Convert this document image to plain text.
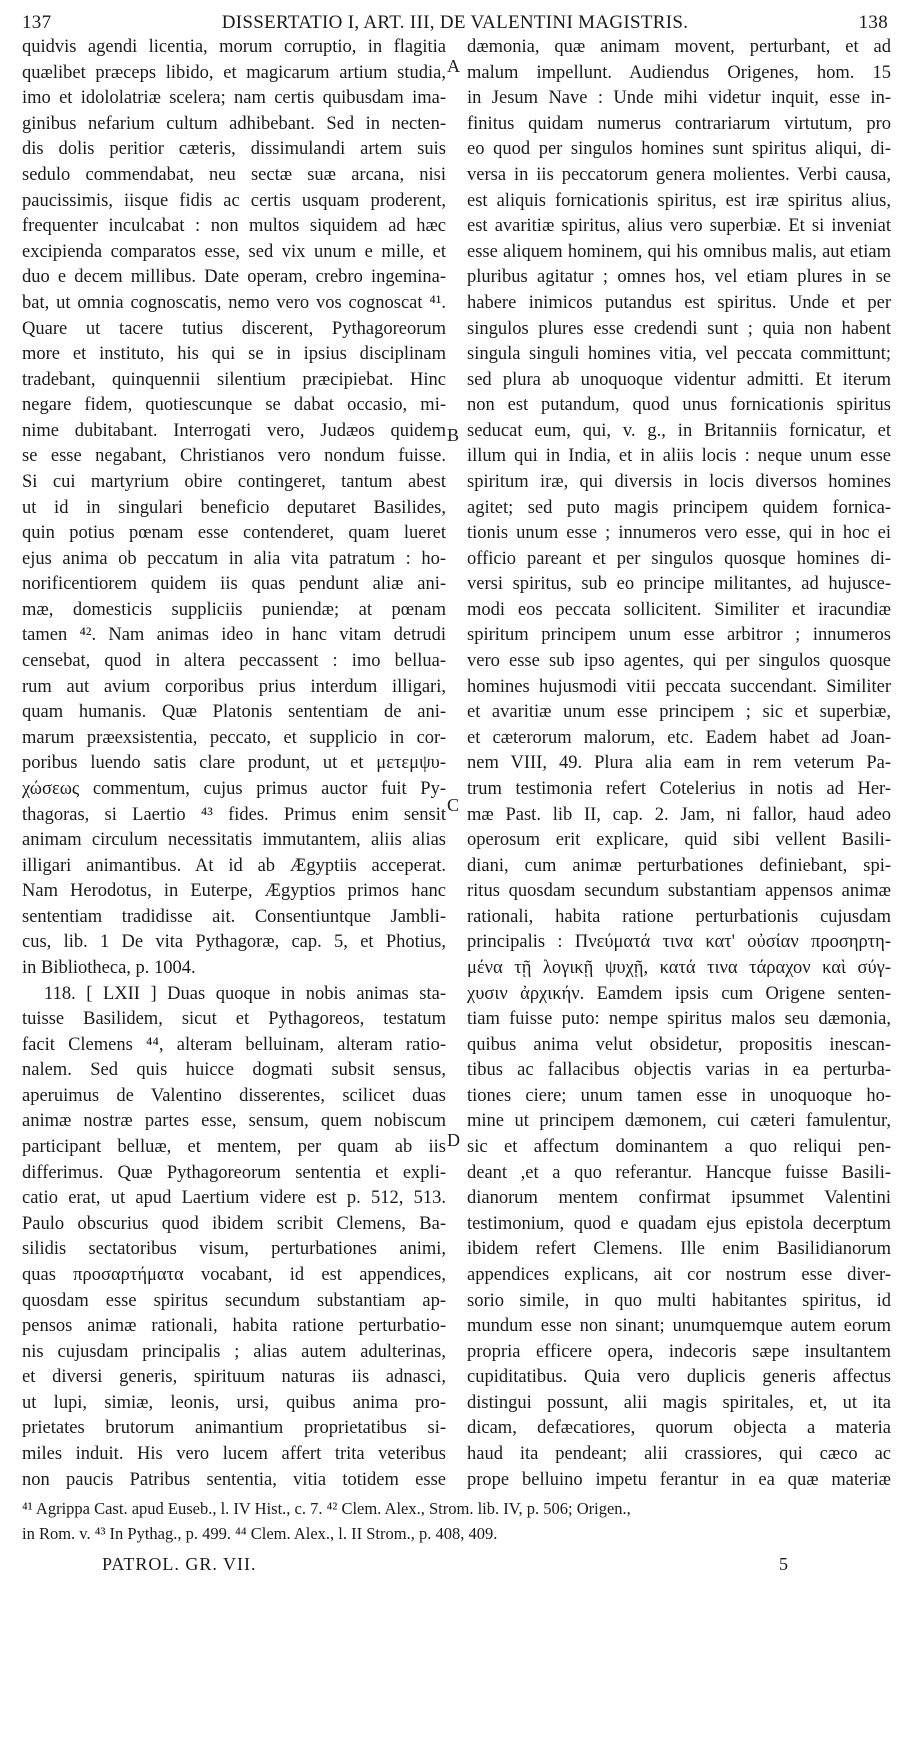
137	DISSERTATIO I, ART. III, DE VALENTINI MAGISTRIS.	138
quidvis agendi licentia, morum corruptio, in flagitia
quælibet præceps libido, et magicarum artium studia,
imo et idololatriæ scelera; nam certis quibusdam ima-
ginibus nefarium cultum adhibebant. Sed in necten-
dis dolis peritior cæteris, dissimulandi artem suis
sedulo commendabat, neu sectæ suæ arcana, nisi
paucissimis, iisque fidis ac certis usquam proderent,
frequenter inculcabat : non multos siquidem ad hæc
excipienda comparatos esse, sed vix unum e mille, et
duo e decem millibus. Date operam, crebro ingemina-
bat, ut omnia cognoscatis, nemo vero vos cognoscat ⁴¹.
Quare ut tacere tutius discerent, Pythagoreorum
more et instituto, his qui se in ipsius disciplinam
tradebant, quinquennii silentium præcipiebat. Hinc
negare fidem, quotiescunque se dabat occasio, mi-
nime dubitabant. Interrogati vero, Judæos quidem
se esse negabant, Christianos vero nondum fuisse.
Si cui martyrium obire contingeret, tantum abest
ut id in singulari beneficio deputaret Basilides,
quin potius pœnam esse contenderet, quam lueret
ejus anima ob peccatum in alia vita patratum : ho-
norificentiorem quidem iis quas pendunt aliæ ani-
mæ, domesticis suppliciis puniendæ; at pœnam
tamen ⁴². Nam animas ideo in hanc vitam detrudi
censebat, quod in altera peccassent : imo bellua-
rum aut avium corporibus prius interdum illigari,
quam humanis. Quæ Platonis sententiam de ani-
marum præexsistentia, peccato, et supplicio in cor-
poribus luendo satis clare produnt, ut et μετεμψυ-
χώσεως commentum, cujus primus auctor fuit Py-
thagoras, si Laertio ⁴³ fides. Primus enim sensit
animam circulum necessitatis immutantem, aliis alias
illigari animantibus. At id ab Ægyptiis acceperat.
Nam Herodotus, in Euterpe, Ægyptios primos hanc
sententiam tradidisse ait. Consentiuntque Jambli-
cus, lib. 1 De vita Pythagoræ, cap. 5, et Photius,
in Bibliotheca, p. 1004.
118. [ LXII ] Duas quoque in nobis animas sta-
tuisse Basilidem, sicut et Pythagoreos, testatum
facit Clemens ⁴⁴, alteram belluinam, alteram ratio-
nalem. Sed quis huicce dogmati subsit sensus,
aperuimus de Valentino disserentes, scilicet duas
animæ nostræ partes esse, sensum, quem nobiscum
participant belluæ, et mentem, per quam ab iis
differimus. Quæ Pythagoreorum sententia et expli-
catio erat, ut apud Laertium videre est p. 512, 513.
Paulo obscurius quod ibidem scribit Clemens, Ba-
silidis sectatoribus visum, perturbationes animi,
quas προσαρτήματα vocabant, id est appendices,
quosdam esse spiritus secundum substantiam ap-
pensos animæ rationali, habita ratione perturbatio-
nis cujusdam principalis ; alias autem adulterinas,
et diversi generis, spirituum naturas iis adnasci,
ut lupi, simiæ, leonis, ursi, quibus anima pro-
prietates brutorum animantium proprietatibus si-
miles induit. His vero lucem affert trita veteribus
non paucis Patribus sententia, vitia totidem esse
dæmonia, quæ animam movent, perturbant, et ad
malum impellunt. Audiendus Origenes, hom. 15
in Jesum Nave : Unde mihi videtur inquit, esse in-
finitus quidam numerus contrariarum virtutum, pro
eo quod per singulos homines sunt spiritus aliqui, di-
versa in iis peccatorum genera molientes. Verbi causa,
est aliquis fornicationis spiritus, est iræ spiritus alius,
est avaritiæ spiritus, alius vero superbiæ. Et si inveniat
esse aliquem hominem, qui his omnibus malis, aut etiam
pluribus agitatur ; omnes hos, vel etiam plures in se
habere inimicos putandus est spiritus. Unde et per
singulos plures esse credendi sunt ; quia non habent
singula singuli homines vitia, vel peccata committunt;
sed plura ab unoquoque videntur admitti. Et iterum
non est putandum, quod unus fornicationis spiritus
seducat eum, qui, v. g., in Britanniis fornicatur, et
illum qui in India, et in aliis locis : neque unum esse
spiritum iræ, qui diversis in locis diversos homines
agitet; sed puto magis principem quidem fornica-
tionis unum esse ; innumeros vero esse, qui in hoc ei
officio pareant et per singulos quosque homines di-
versi spiritus, sub eo principe militantes, ad hujusce-
modi eos peccata sollicitent. Similiter et iracundiæ
spiritum principem unum esse arbitror ; innumeros
vero esse sub ipso agentes, qui per singulos quosque
homines hujusmodi vitii peccata succendant. Similiter
et avaritiæ unum esse principem ; sic et superbiæ,
et cæterorum malorum, etc. Eadem habet ad Joan-
nem VIII, 49. Plura alia eam in rem veterum Pa-
trum testimonia refert Cotelerius in notis ad Her-
mæ Past. lib II, cap. 2. Jam, ni fallor, haud adeo
operosum erit explicare, quid sibi vellent Basili-
diani, cum animæ perturbationes definiebant, spi-
ritus quosdam secundum substantiam appensos animæ
rationali, habita ratione perturbationis cujusdam
principalis : Πνεύματά τινα κατ' οὐσίαν προσηρτη-
μένα τῇ λογικῇ ψυχῇ, κατά τινα τάραχον καὶ σύγ-
χυσιν ἀρχικήν. Eamdem ipsis cum Origene senten-
tiam fuisse puto: nempe spiritus malos seu dæmonia,
quibus anima velut obsidetur, propositis inescan-
tibus ac fallacibus objectis varias in ea perturba-
tiones ciere; unum tamen esse in unoquoque ho-
mine ut principem dæmonem, cui cæteri famulentur,
sic et affectum dominantem a quo reliqui pen-
deant ,et a quo referantur. Hancque fuisse Basili-
dianorum mentem confirmat ipsummet Valentini
testimonium, quod e quadam ejus epistola decerptum
ibidem refert Clemens. Ille enim Basilidianorum
appendices explicans, ait cor nostrum esse diver-
sorio simile, in quo multi habitantes spiritus, id
mundum esse non sinant; unumquemque autem eorum
propria efficere opera, indecoris sæpe insultantem
cupiditatibus. Quia vero duplicis generis affectus
distingui possunt, alii magis spiritales, et, ut ita
dicam, defæcatiores, quorum objecta a materia
haud ita pendeant; alii crassiores, qui cæco ac
prope belluino impetu ferantur in ea quæ materiæ
A
B
C
D
⁴¹ Agrippa Cast. apud Euseb., l. IV Hist., c. 7. ⁴² Clem. Alex., Strom. lib. IV, p. 506; Origen.,
in Rom. v. ⁴³ In Pythag., p. 499. ⁴⁴ Clem. Alex., l. II Strom., p. 408, 409.
PATROL. GR. VII.	5
